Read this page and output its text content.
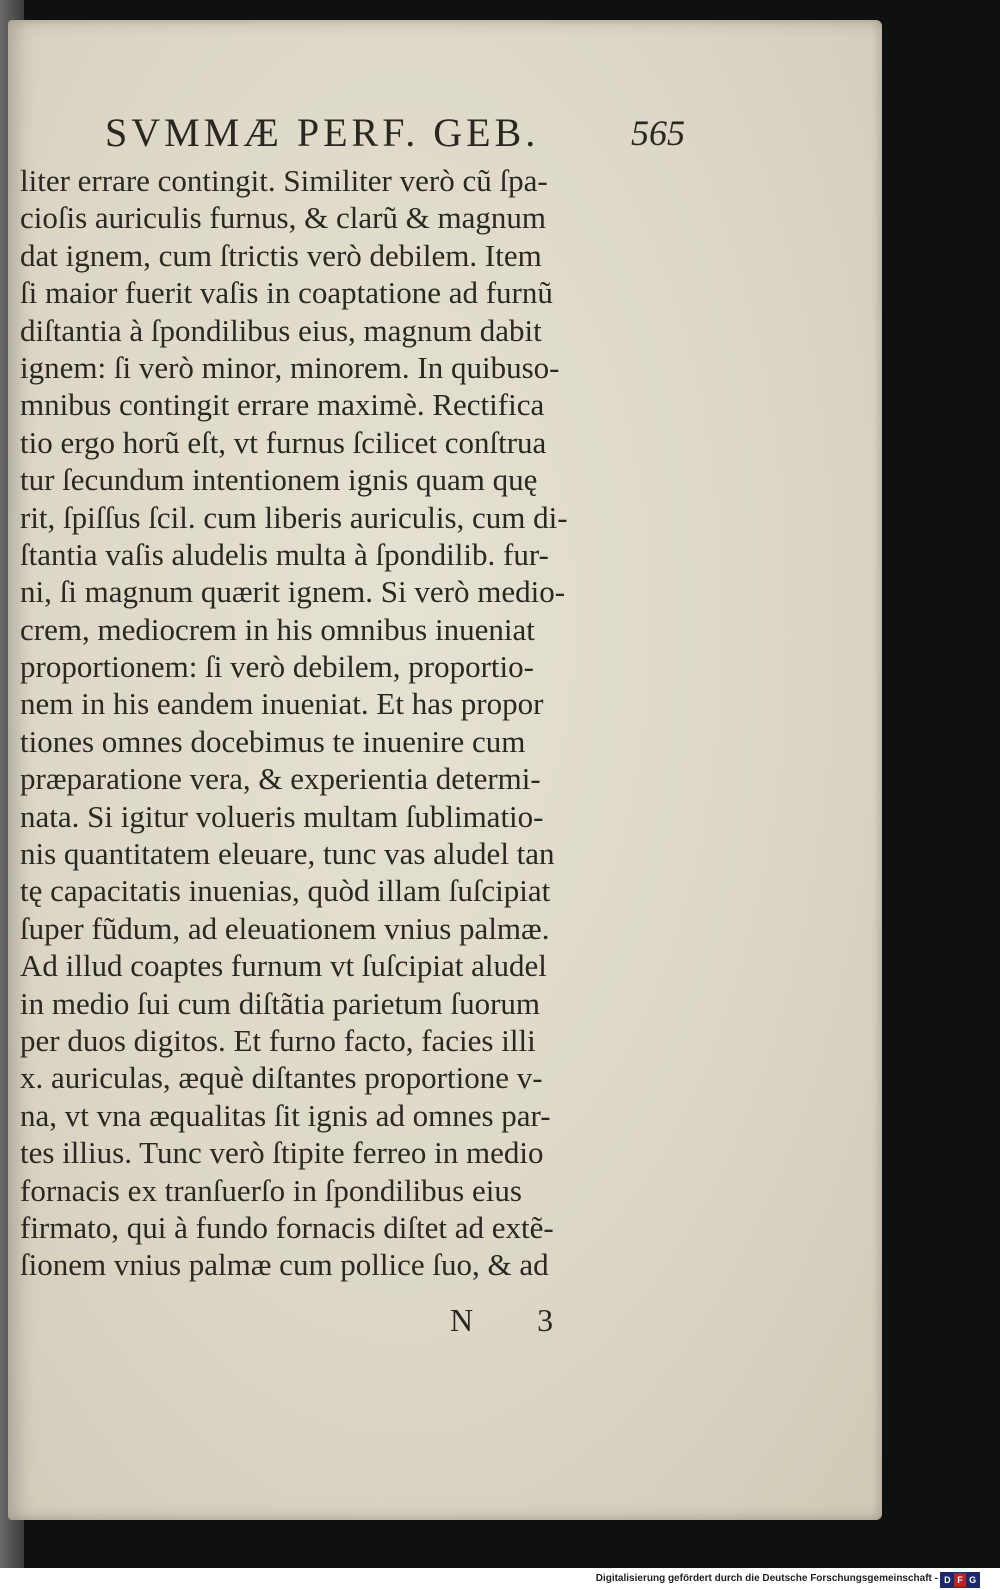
SVMMÆ PERF. GEB.	565
liter errare contingit. Similiter verò cũ ſpa-
cioſis auriculis furnus, & clarũ & magnum
dat ignem, cum ſtrictis verò debilem. Item
ſi maior fuerit vaſis in coaptatione ad furnũ
diſtantia à ſpondilibus eius, magnum dabit
ignem: ſi verò minor, minorem. In quibuso-
mnibus contingit errare maximè. Rectifica
tio ergo horũ eſt, vt furnus ſcilicet conſtrua
tur ſecundum intentionem ignis quam quę
rit, ſpiſſus ſcil. cum liberis auriculis, cum di-
ſtantia vaſis aludelis multa à ſpondilib. fur-
ni, ſi magnum quærit ignem. Si verò medio-
crem, mediocrem in his omnibus inueniat
proportionem: ſi verò debilem, proportio-
nem in his eandem inueniat. Et has propor
tiones omnes docebimus te inuenire cum
præparatione vera, & experientia determi-
nata. Si igitur volueris multam ſublimatio-
nis quantitatem eleuare, tunc vas aludel tan
tę capacitatis inuenias, quòd illam ſuſcipiat
ſuper fũdum, ad eleuationem vnius palmæ.
Ad illud coaptes furnum vt ſuſcipiat aludel
in medio ſui cum diſtãtia parietum ſuorum
per duos digitos. Et furno facto, facies illi
x. auriculas, æquè diſtantes proportione v-
na, vt vna æqualitas ſit ignis ad omnes par-
tes illius. Tunc verò ſtipite ferreo in medio
fornacis ex tranſuerſo in ſpondilibus eius
firmato, qui à fundo fornacis diſtet ad extẽ-
ſionem vnius palmæ cum pollice ſuo, & ad
N 3
Digitalisierung gefördert durch die Deutsche Forschungsgemeinschaft - D F G
